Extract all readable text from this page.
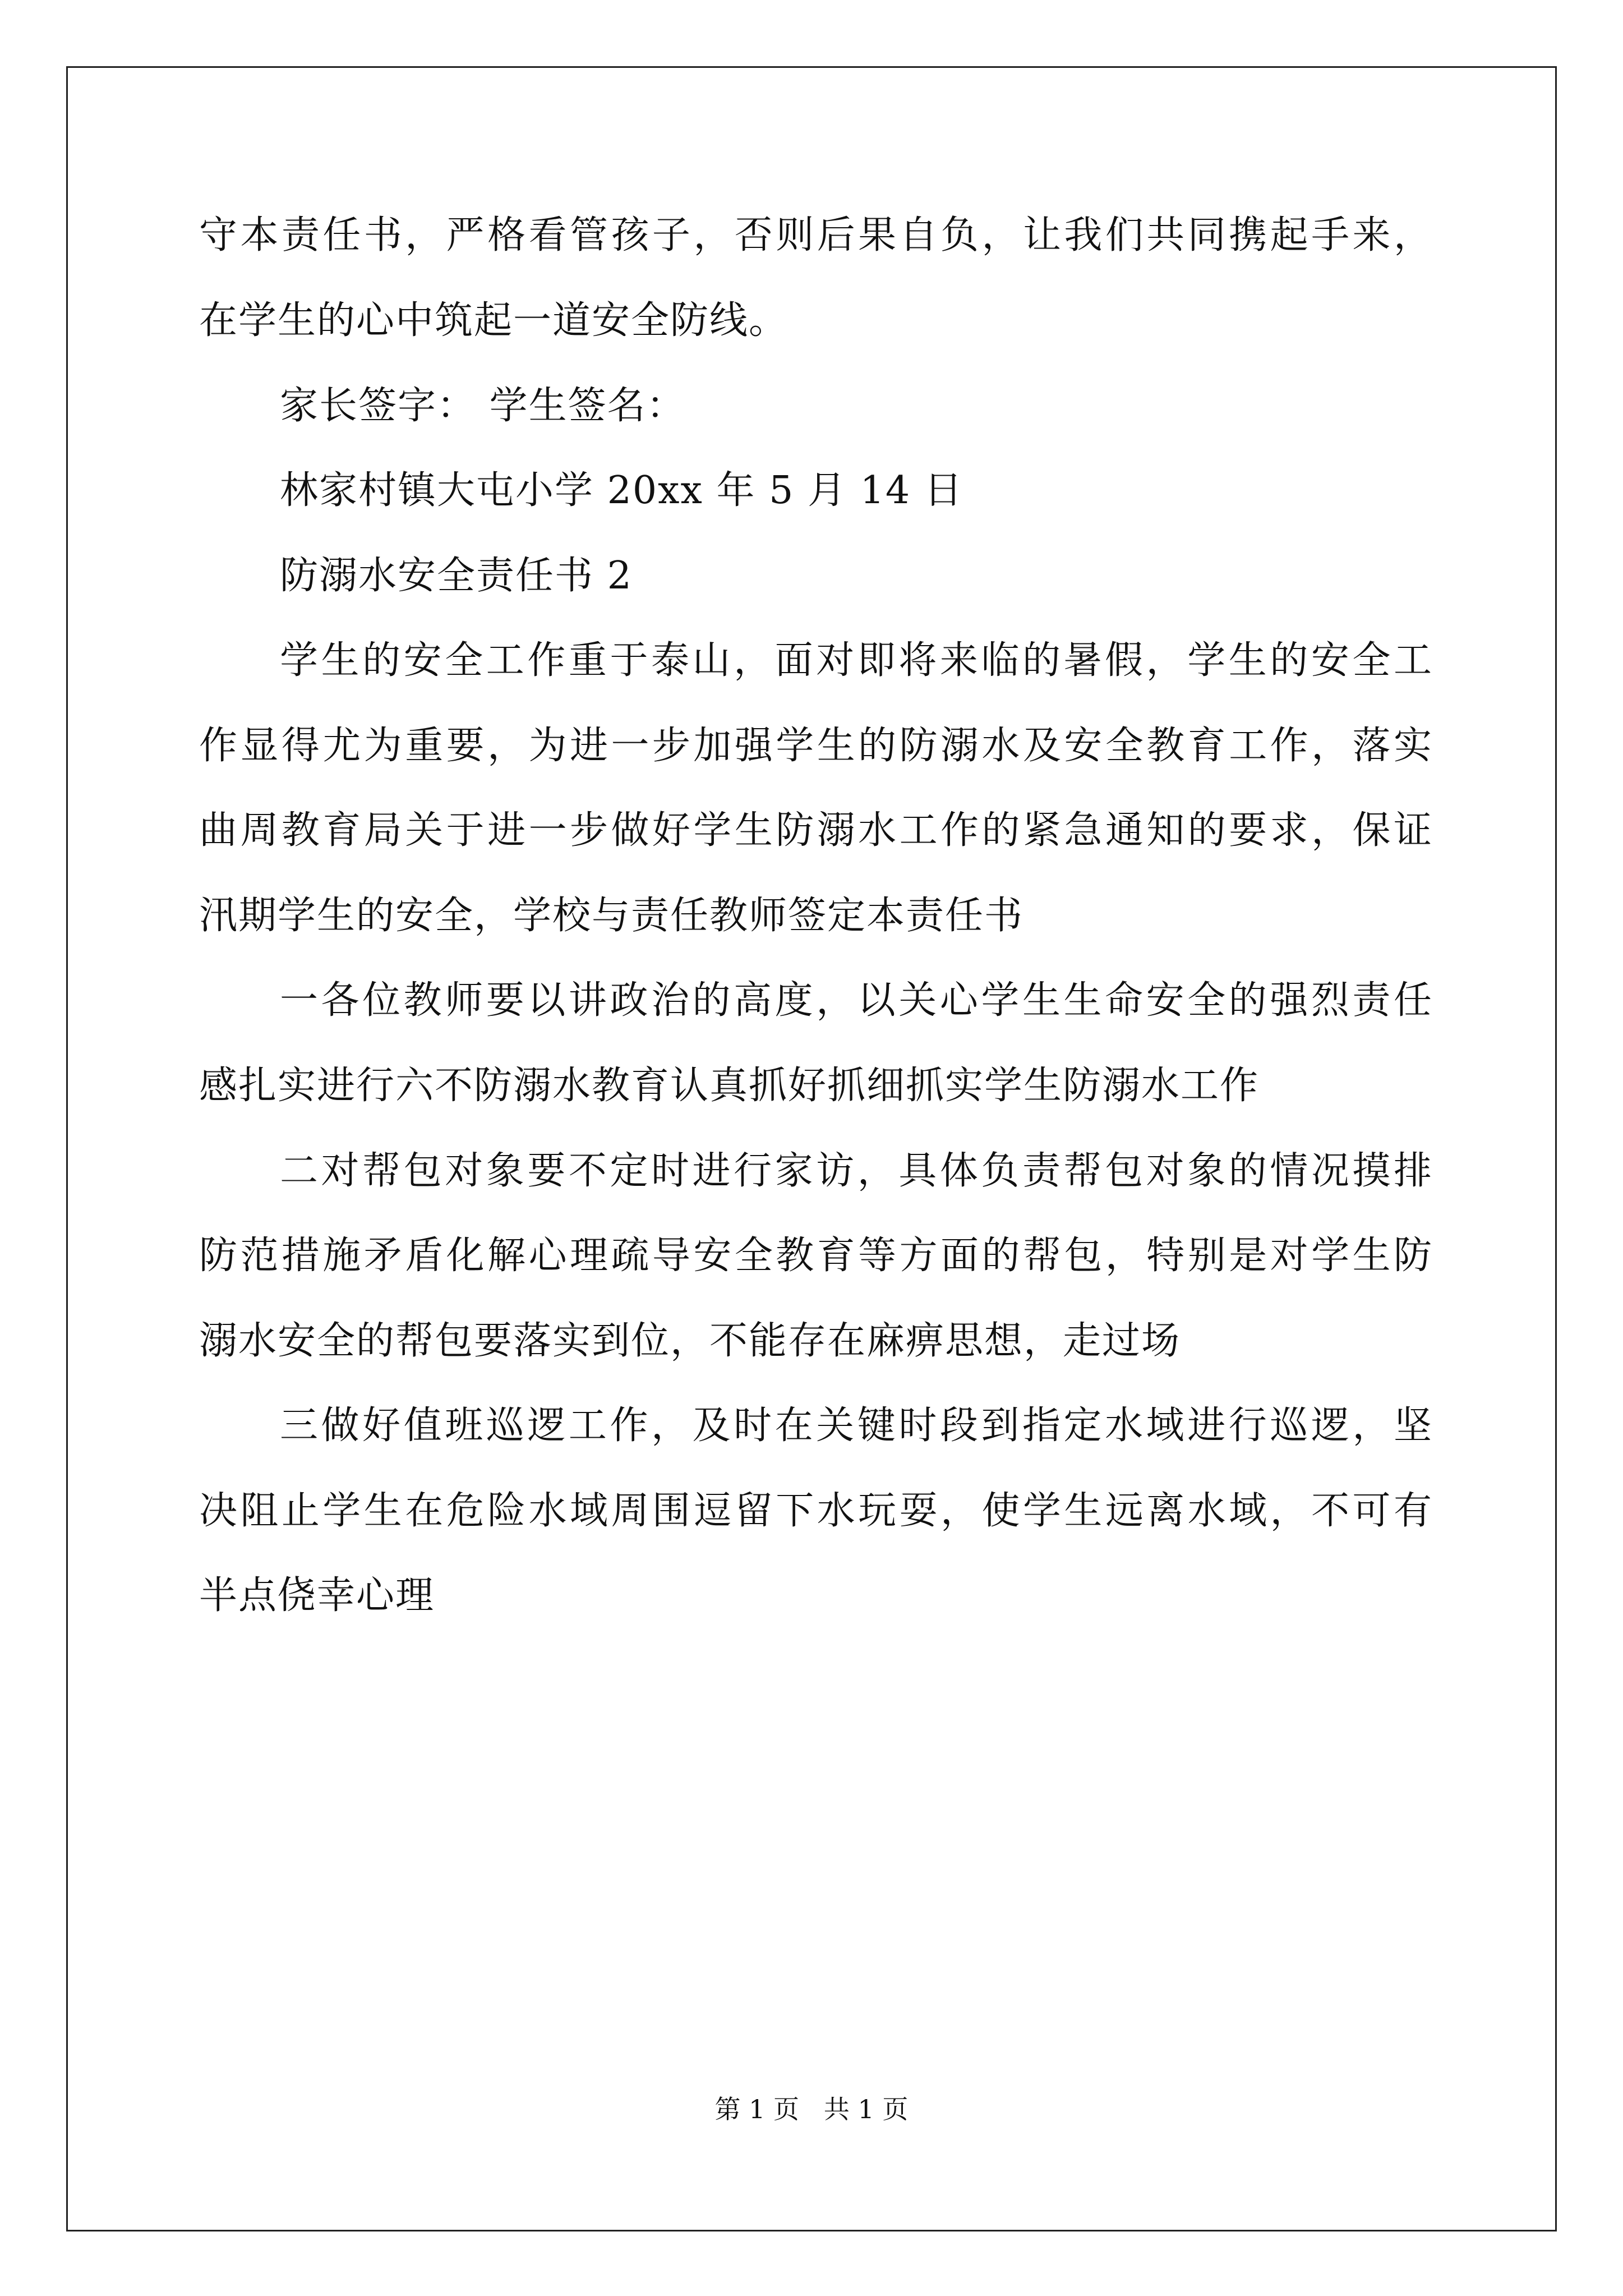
守本责任书，严格看管孩子，否则后果自负，让我们共同携起手来，
在学生的心中筑起一道安全防线。
家长签字： 学生签名：
林家村镇大屯小学 20xx 年 5 月 14 日
防溺水安全责任书 2
学生的安全工作重于泰山，面对即将来临的暑假，学生的安全工
作显得尤为重要，为进一步加强学生的防溺水及安全教育工作，落实
曲周教育局关于进一步做好学生防溺水工作的紧急通知的要求，保证
汛期学生的安全，学校与责任教师签定本责任书
一各位教师要以讲政治的高度，以关心学生生命安全的强烈责任
感扎实进行六不防溺水教育认真抓好抓细抓实学生防溺水工作
二对帮包对象要不定时进行家访，具体负责帮包对象的情况摸排
防范措施矛盾化解心理疏导安全教育等方面的帮包，特别是对学生防
溺水安全的帮包要落实到位，不能存在麻痹思想，走过场
三做好值班巡逻工作，及时在关键时段到指定水域进行巡逻，坚
决阻止学生在危险水域周围逗留下水玩耍，使学生远离水域，不可有
半点侥幸心理
第 1 页   共 1 页
